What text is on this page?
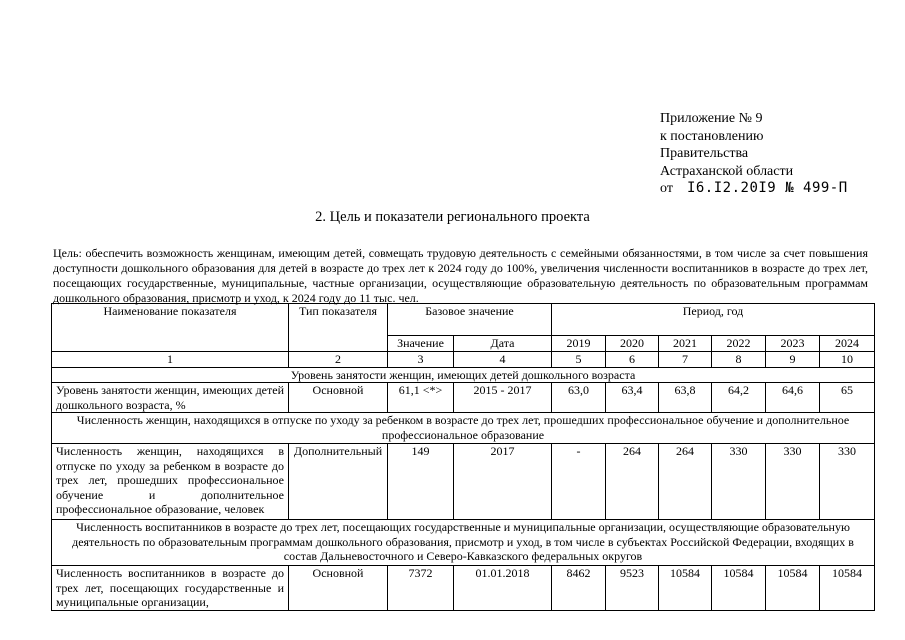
Приложение № 9
к постановлению
Правительства
Астраханской области
от I6.I2.20I9 № 499-П
2. Цель и показатели регионального проекта
Цель: обеспечить возможность женщинам, имеющим детей, совмещать трудовую деятельность с семейными обязанностями, в том числе за счет повышения доступности дошкольного образования для детей в возрасте до трех лет к 2024 году до 100%, увеличения численности воспитанников в возрасте до трех лет, посещающих государственные, муниципальные, частные организации, осуществляющие образовательную деятельность по образовательным программам дошкольного образования, присмотр и уход, к 2024 году до 11 тыс. чел.
Наименование показателя	Тип показателя	Базовое значение		Период, год					
		Значение	Дата	2019	2020	2021	2022	2023	2024
1	2	3	4	5	6	7	8	9	10
Уровень занятости женщин, имеющих детей дошкольного возраста									
Уровень занятости женщин, имеющих детей дошкольного возраста, %	Основной	61,1 <*>	2015 - 2017	63,0	63,4	63,8	64,2	64,6	65
Численность женщин, находящихся в отпуске по уходу за ребенком в возрасте до трех лет, прошедших профессиональное обучение и дополнительное профессиональное образование									
Численность женщин, находящихся в отпуске по уходу за ребенком в возрасте до трех лет, прошедших профессиональное обучение и дополнительное профессиональное образование, человек	Дополнительный	149	2017	-	264	264	330	330	330
Численность воспитанников в возрасте до трех лет, посещающих государственные и муниципальные организации, осуществляющие образовательную деятельность по образовательным программам дошкольного образования, присмотр и уход, в том числе в субъектах Российской Федерации, входящих в состав Дальневосточного и Северо-Кавказского федеральных округов									
Численность воспитанников в возрасте до трех лет, посещающих государственные и муниципальные организации,	Основной	7372	01.01.2018	8462	9523	10584	10584	10584	10584
